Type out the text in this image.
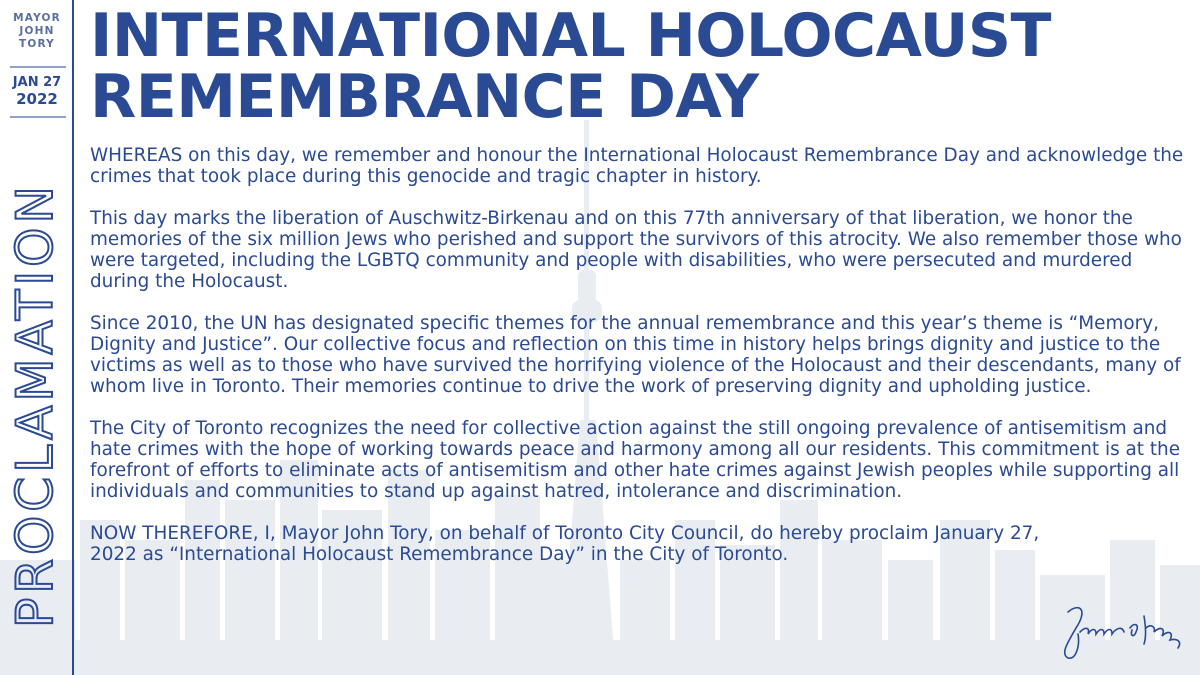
MAYOR
JOHN
TORY
JAN 27
2022
PROCLAMATION
INTERNATIONAL HOLOCAUST
REMEMBRANCE DAY

WHEREAS on this day, we remember and honour the International Holocaust Remembrance Day and acknowledge the crimes that took place during this genocide and tragic chapter in history.

This day marks the liberation of Auschwitz-Birkenau and on this 77th anniversary of that liberation, we honor the memories of the six million Jews who perished and support the survivors of this atrocity. We also remember those who were targeted, including the LGBTQ community and people with disabilities, who were persecuted and murdered during the Holocaust.

Since 2010, the UN has designated specific themes for the annual remembrance and this year’s theme is “Memory, Dignity and Justice”. Our collective focus and reflection on this time in history helps brings dignity and justice to the victims as well as to those who have survived the horrifying violence of the Holocaust and their descendants, many of whom live in Toronto. Their memories continue to drive the work of preserving dignity and upholding justice.

The City of Toronto recognizes the need for collective action against the still ongoing prevalence of antisemitism and hate crimes with the hope of working towards peace and harmony among all our residents. This commitment is at the forefront of efforts to eliminate acts of antisemitism and other hate crimes against Jewish peoples while supporting all individuals and communities to stand up against hatred, intolerance and discrimination.

NOW THEREFORE, I, Mayor John Tory, on behalf of Toronto City Council, do hereby proclaim January 27, 2022 as “International Holocaust Remembrance Day” in the City of Toronto.
